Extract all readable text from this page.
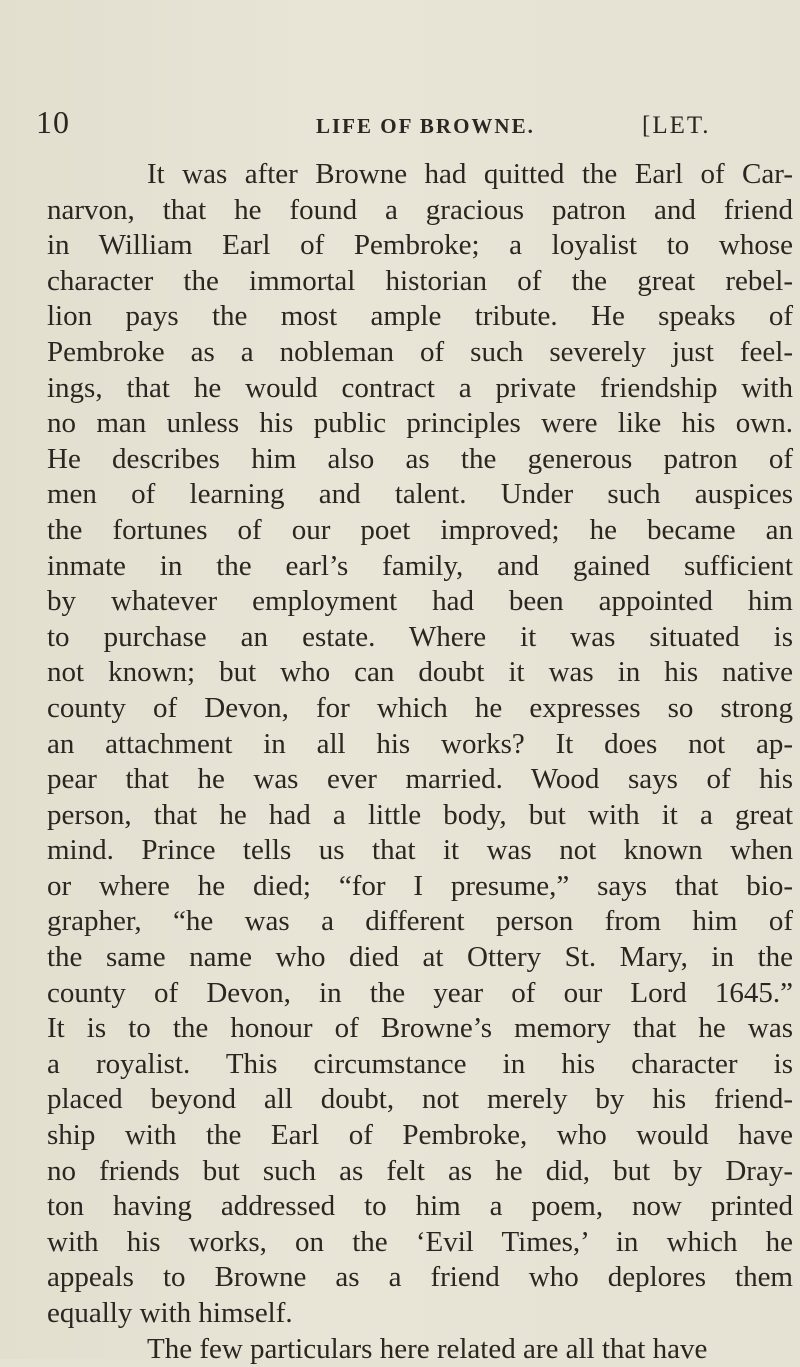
10	LIFE OF BROWNE.	[LET.
It was after Browne had quitted the Earl of Car-
narvon, that he found a gracious patron and friend
in William Earl of Pembroke; a loyalist to whose
character the immortal historian of the great rebel-
lion pays the most ample tribute. He speaks of
Pembroke as a nobleman of such severely just feel-
ings, that he would contract a private friendship with
no man unless his public principles were like his own.
He describes him also as the generous patron of
men of learning and talent. Under such auspices
the fortunes of our poet improved; he became an
inmate in the earl’s family, and gained sufficient
by whatever employment had been appointed him
to purchase an estate. Where it was situated is
not known; but who can doubt it was in his native
county of Devon, for which he expresses so strong
an attachment in all his works? It does not ap-
pear that he was ever married. Wood says of his
person, that he had a little body, but with it a great
mind. Prince tells us that it was not known when
or where he died; “for I presume,” says that bio-
grapher, “he was a different person from him of
the same name who died at Ottery St. Mary, in the
county of Devon, in the year of our Lord 1645.”
It is to the honour of Browne’s memory that he was
a royalist. This circumstance in his character is
placed beyond all doubt, not merely by his friend-
ship with the Earl of Pembroke, who would have
no friends but such as felt as he did, but by Dray-
ton having addressed to him a poem, now printed
with his works, on the ‘Evil Times,’ in which he
appeals to Browne as a friend who deplores them
equally with himself.
The few particulars here related are all that have
